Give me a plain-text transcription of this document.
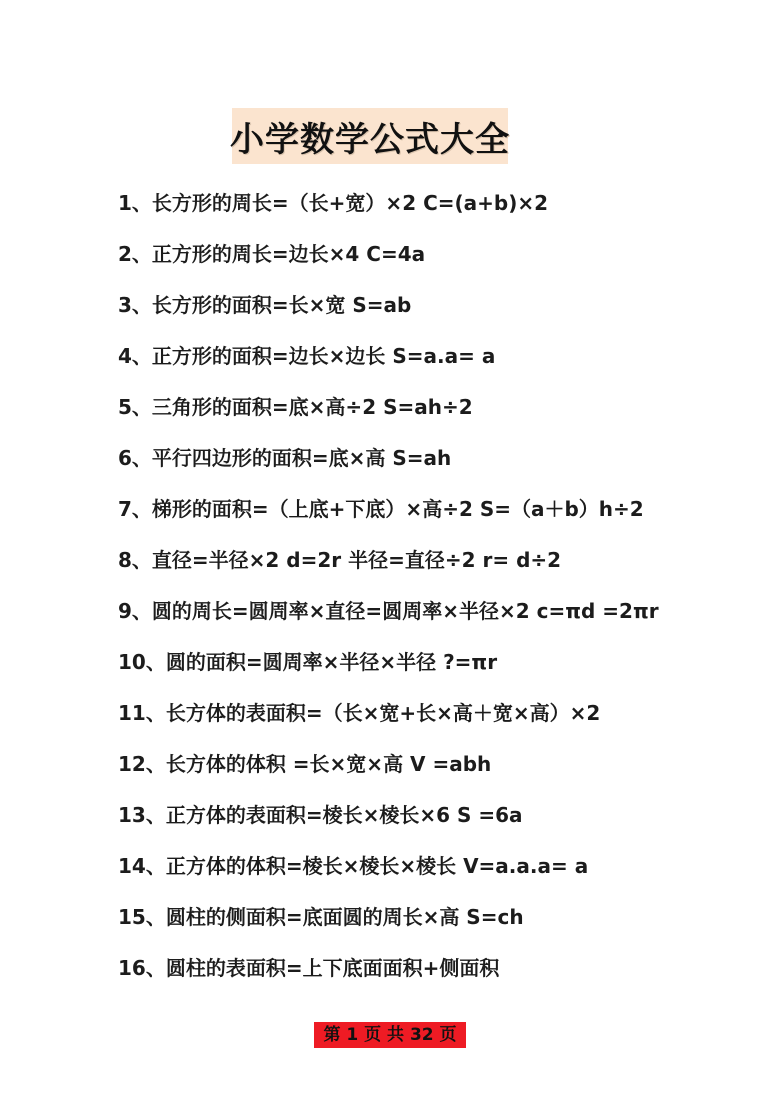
小学数学公式大全
1、长方形的周长=（长+宽）×2 C=(a+b)×2
2、正方形的周长=边长×4 C=4a
3、长方形的面积=长×宽 S=ab
4、正方形的面积=边长×边长 S=a.a= a
5、三角形的面积=底×高÷2 S=ah÷2
6、平行四边形的面积=底×高 S=ah
7、梯形的面积=（上底+下底）×高÷2 S=（a＋b）h÷2
8、直径=半径×2 d=2r 半径=直径÷2 r= d÷2
9、圆的周长=圆周率×直径=圆周率×半径×2 c=πd =2πr
10、圆的面积=圆周率×半径×半径 ?=πr
11、长方体的表面积=（长×宽+长×高＋宽×高）×2
12、长方体的体积 =长×宽×高 V =abh
13、正方体的表面积=棱长×棱长×6 S =6a
14、正方体的体积=棱长×棱长×棱长 V=a.a.a= a
15、圆柱的侧面积=底面圆的周长×高 S=ch
16、圆柱的表面积=上下底面面积+侧面积
第 1 页 共 32 页
